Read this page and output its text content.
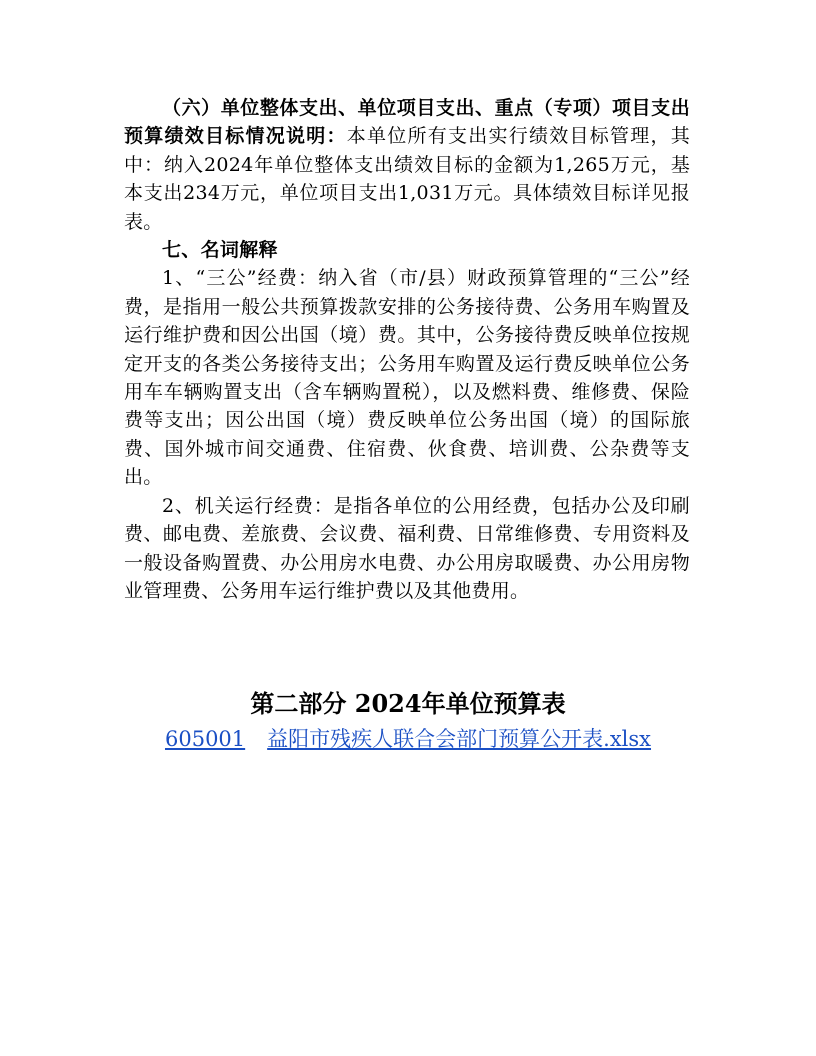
（六）单位整体支出、单位项目支出、重点（专项）项目支出预算绩效目标情况说明：本单位所有支出实行绩效目标管理，其中：纳入2024年单位整体支出绩效目标的金额为1,265万元，基本支出234万元，单位项目支出1,031万元。具体绩效目标详见报表。

七、名词解释

1、“三公”经费：纳入省（市/县）财政预算管理的“三公”经费，是指用一般公共预算拨款安排的公务接待费、公务用车购置及运行维护费和因公出国（境）费。其中，公务接待费反映单位按规定开支的各类公务接待支出；公务用车购置及运行费反映单位公务用车车辆购置支出（含车辆购置税），以及燃料费、维修费、保险费等支出；因公出国（境）费反映单位公务出国（境）的国际旅费、国外城市间交通费、住宿费、伙食费、培训费、公杂费等支出。

2、机关运行经费：是指各单位的公用经费，包括办公及印刷费、邮电费、差旅费、会议费、福利费、日常维修费、专用资料及一般设备购置费、办公用房水电费、办公用房取暖费、办公用房物业管理费、公务用车运行维护费以及其他费用。

第二部分 2024年单位预算表
605001 益阳市残疾人联合会部门预算公开表.xlsx
